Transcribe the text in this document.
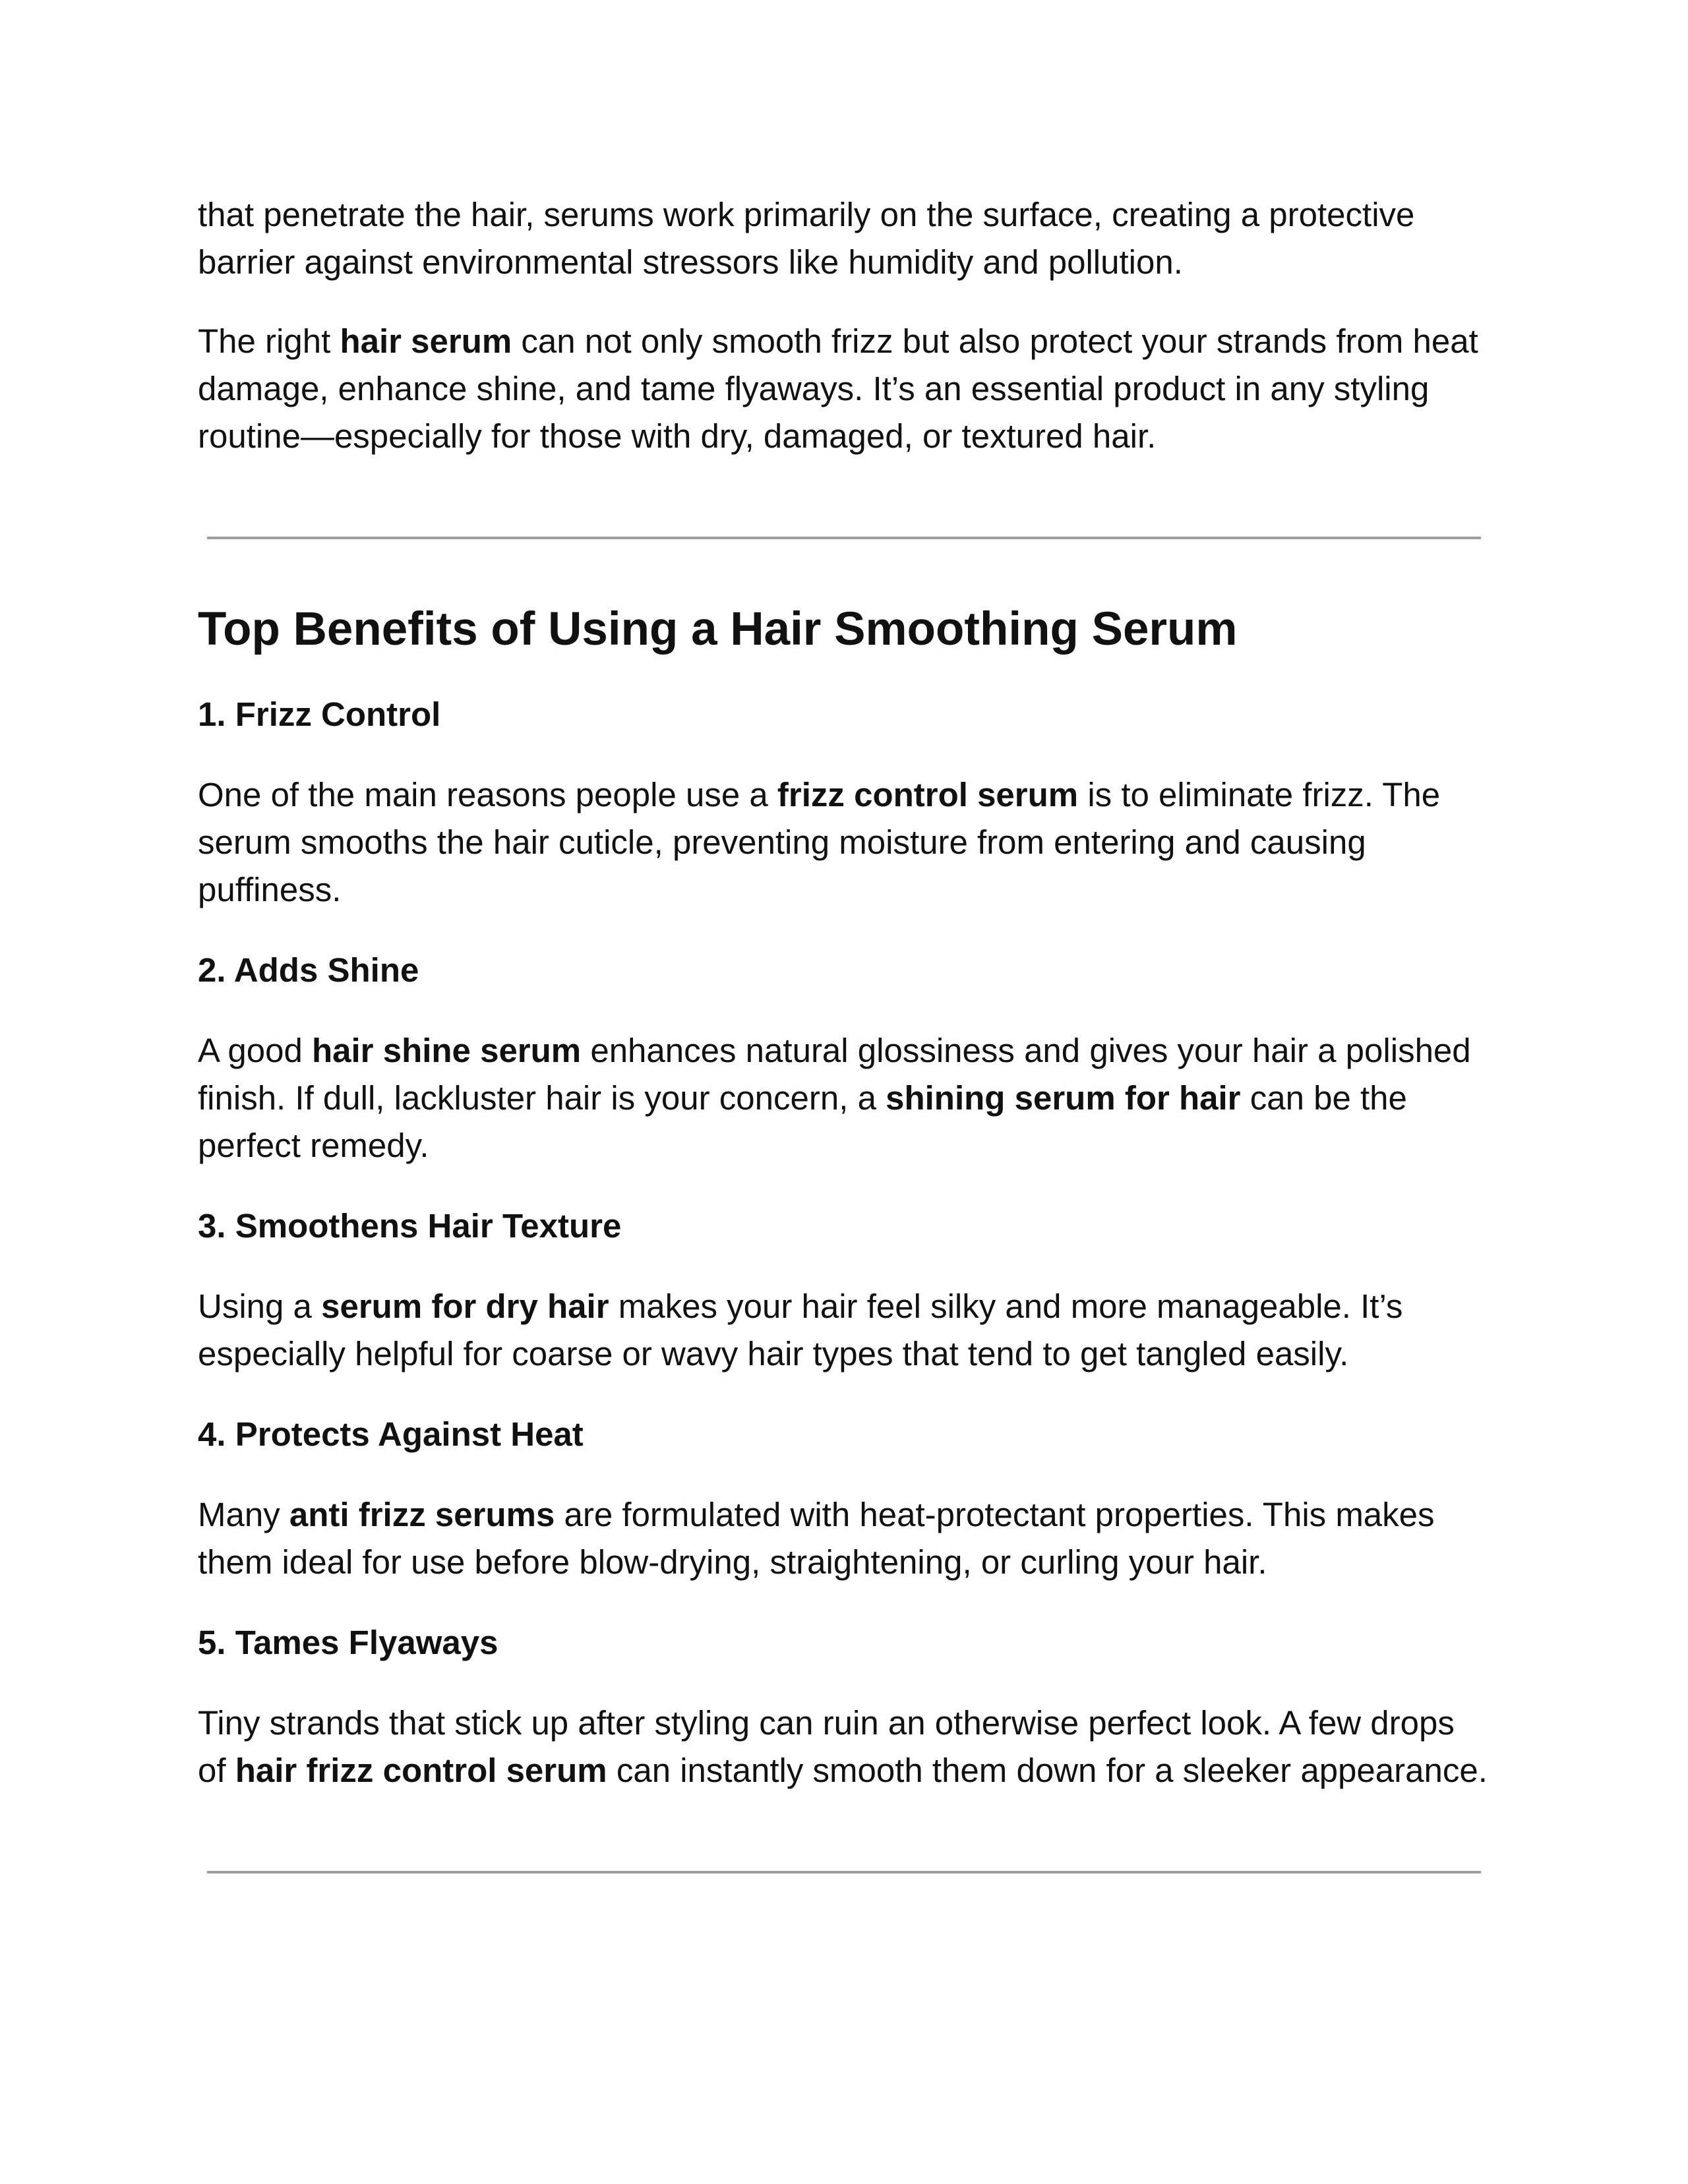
that penetrate the hair, serums work primarily on the surface, creating a protective barrier against environmental stressors like humidity and pollution.

The right hair serum can not only smooth frizz but also protect your strands from heat damage, enhance shine, and tame flyaways. It’s an essential product in any styling routine—especially for those with dry, damaged, or textured hair.

Top Benefits of Using a Hair Smoothing Serum
1. Frizz Control

One of the main reasons people use a frizz control serum is to eliminate frizz. The serum smooths the hair cuticle, preventing moisture from entering and causing puffiness.

2. Adds Shine

A good hair shine serum enhances natural glossiness and gives your hair a polished finish. If dull, lackluster hair is your concern, a shining serum for hair can be the perfect remedy.

3. Smoothens Hair Texture

Using a serum for dry hair makes your hair feel silky and more manageable. It’s especially helpful for coarse or wavy hair types that tend to get tangled easily.

4. Protects Against Heat

Many anti frizz serums are formulated with heat-protectant properties. This makes them ideal for use before blow-drying, straightening, or curling your hair.

5. Tames Flyaways

Tiny strands that stick up after styling can ruin an otherwise perfect look. A few drops of hair frizz control serum can instantly smooth them down for a sleeker appearance.
